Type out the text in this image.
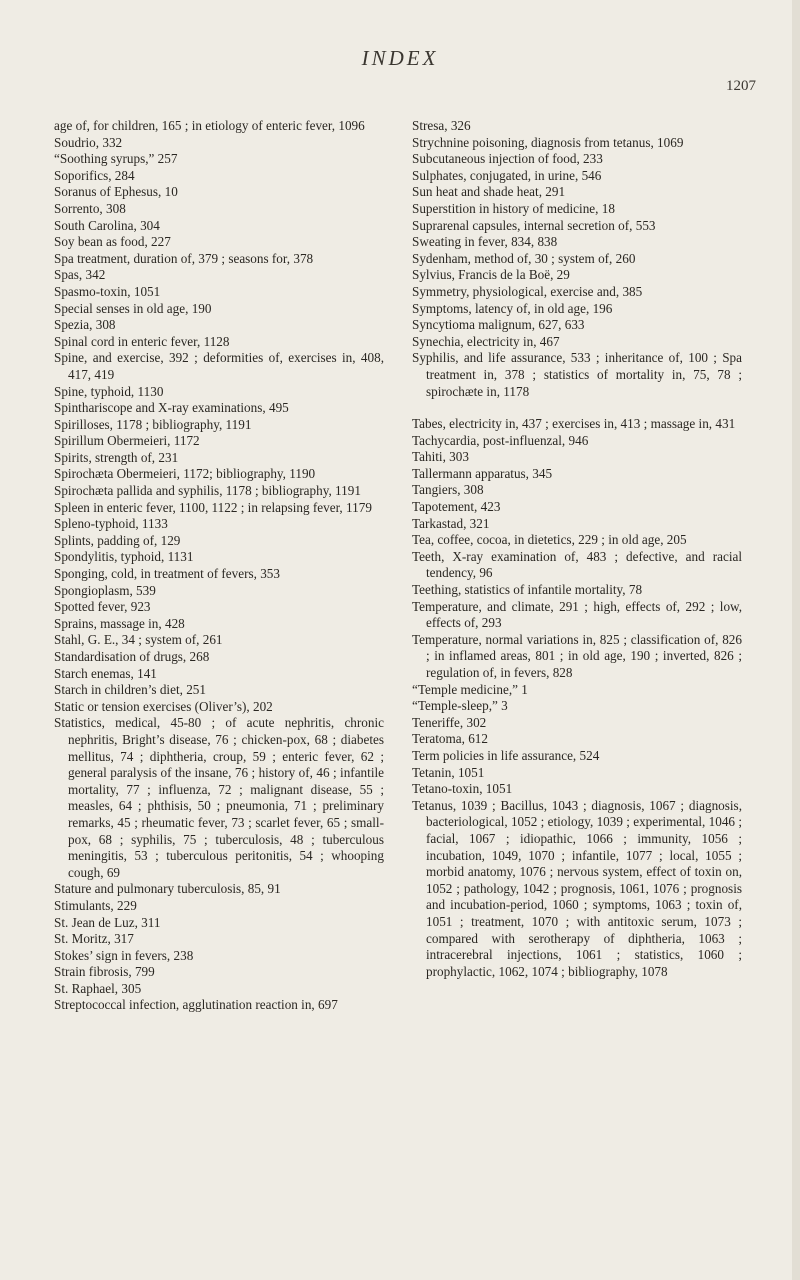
INDEX
1207
age of, for children, 165 ; in etiology of enteric fever, 1096
Soudrio, 332
“Soothing syrups,” 257
Soporifics, 284
Soranus of Ephesus, 10
Sorrento, 308
South Carolina, 304
Soy bean as food, 227
Spa treatment, duration of, 379 ; seasons for, 378
Spas, 342
Spasmo-toxin, 1051
Special senses in old age, 190
Spezia, 308
Spinal cord in enteric fever, 1128
Spine, and exercise, 392 ; deformities of, exercises in, 408, 417, 419
Spine, typhoid, 1130
Spinthariscope and X-ray examinations, 495
Spirilloses, 1178 ; bibliography, 1191
Spirillum Obermeieri, 1172
Spirits, strength of, 231
Spirochæta Obermeieri, 1172; bibliography, 1190
Spirochæta pallida and syphilis, 1178 ; bibliography, 1191
Spleen in enteric fever, 1100, 1122 ; in relapsing fever, 1179
Spleno-typhoid, 1133
Splints, padding of, 129
Spondylitis, typhoid, 1131
Sponging, cold, in treatment of fevers, 353
Spongioplasm, 539
Spotted fever, 923
Sprains, massage in, 428
Stahl, G. E., 34 ; system of, 261
Standardisation of drugs, 268
Starch enemas, 141
Starch in children’s diet, 251
Static or tension exercises (Oliver’s), 202
Statistics, medical, 45-80 ; of acute nephritis, chronic nephritis, Bright’s disease, 76 ; chicken-pox, 68 ; diabetes mellitus, 74 ; diphtheria, croup, 59 ; enteric fever, 62 ; general paralysis of the insane, 76 ; history of, 46 ; infantile mortality, 77 ; influenza, 72 ; malignant disease, 55 ; measles, 64 ; phthisis, 50 ; pneumonia, 71 ; preliminary remarks, 45 ; rheumatic fever, 73 ; scarlet fever, 65 ; small-pox, 68 ; syphilis, 75 ; tuberculosis, 48 ; tuberculous meningitis, 53 ; tuberculous peritonitis, 54 ; whooping cough, 69
Stature and pulmonary tuberculosis, 85, 91
Stimulants, 229
St. Jean de Luz, 311
St. Moritz, 317
Stokes’ sign in fevers, 238
Strain fibrosis, 799
St. Raphael, 305
Streptococcal infection, agglutination reaction in, 697
Stresa, 326
Strychnine poisoning, diagnosis from tetanus, 1069
Subcutaneous injection of food, 233
Sulphates, conjugated, in urine, 546
Sun heat and shade heat, 291
Superstition in history of medicine, 18
Suprarenal capsules, internal secretion of, 553
Sweating in fever, 834, 838
Sydenham, method of, 30 ; system of, 260
Sylvius, Francis de la Boë, 29
Symmetry, physiological, exercise and, 385
Symptoms, latency of, in old age, 196
Syncytioma malignum, 627, 633
Synechia, electricity in, 467
Syphilis, and life assurance, 533 ; inheritance of, 100 ; Spa treatment in, 378 ; statistics of mortality in, 75, 78 ; spirochæte in, 1178
Tabes, electricity in, 437 ; exercises in, 413 ; massage in, 431
Tachycardia, post-influenzal, 946
Tahiti, 303
Tallermann apparatus, 345
Tangiers, 308
Tapotement, 423
Tarkastad, 321
Tea, coffee, cocoa, in dietetics, 229 ; in old age, 205
Teeth, X-ray examination of, 483 ; defective, and racial tendency, 96
Teething, statistics of infantile mortality, 78
Temperature, and climate, 291 ; high, effects of, 292 ; low, effects of, 293
Temperature, normal variations in, 825 ; classification of, 826 ; in inflamed areas, 801 ; in old age, 190 ; inverted, 826 ; regulation of, in fevers, 828
“Temple medicine,” 1
“Temple-sleep,” 3
Teneriffe, 302
Teratoma, 612
Term policies in life assurance, 524
Tetanin, 1051
Tetano-toxin, 1051
Tetanus, 1039 ; Bacillus, 1043 ; diagnosis, 1067 ; diagnosis, bacteriological, 1052 ; etiology, 1039 ; experimental, 1046 ; facial, 1067 ; idiopathic, 1066 ; immunity, 1056 ; incubation, 1049, 1070 ; infantile, 1077 ; local, 1055 ; morbid anatomy, 1076 ; nervous system, effect of toxin on, 1052 ; pathology, 1042 ; prognosis, 1061, 1076 ; prognosis and incubation-period, 1060 ; symptoms, 1063 ; toxin of, 1051 ; treatment, 1070 ; with antitoxic serum, 1073 ; compared with serotherapy of diphtheria, 1063 ; intracerebral injections, 1061 ; statistics, 1060 ; prophylactic, 1062, 1074 ; bibliography, 1078
